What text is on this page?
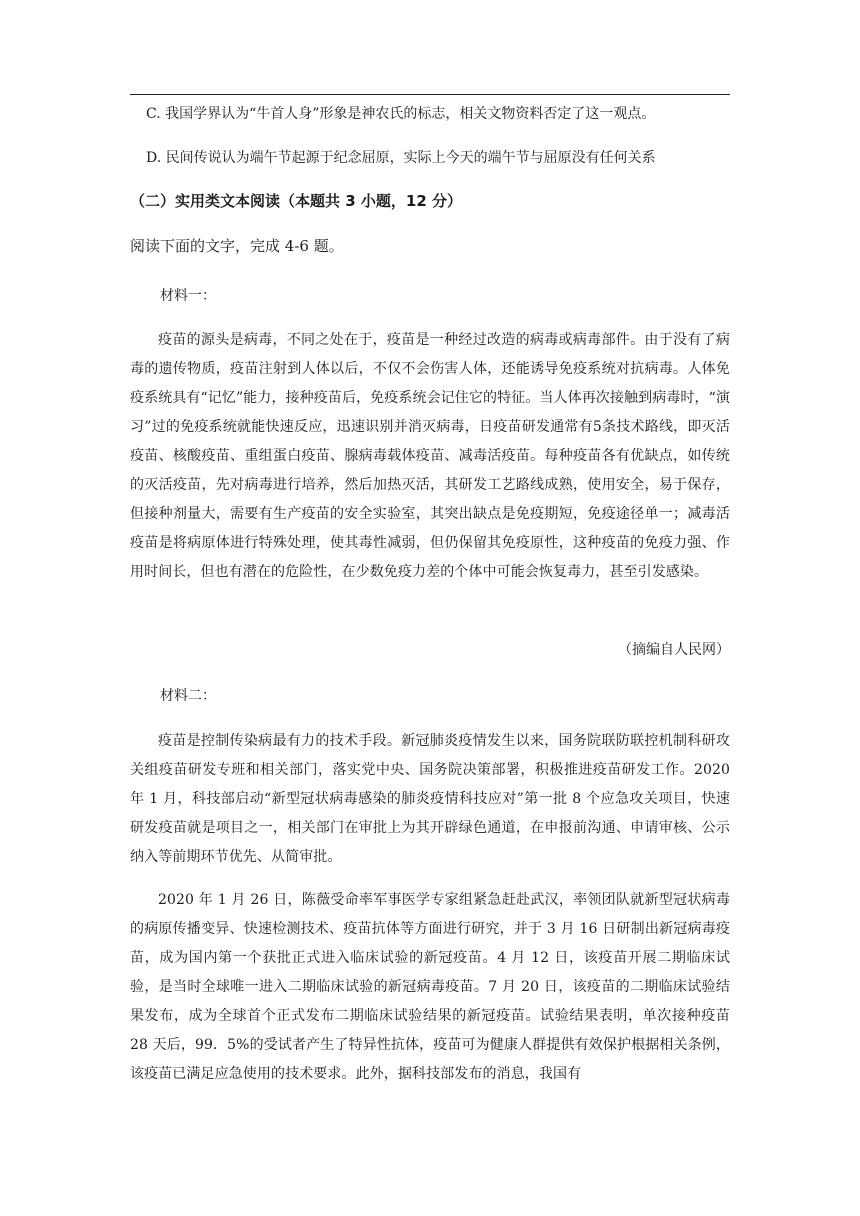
C. 我国学界认为“牛首人身”形象是神农氏的标志，相关文物资料否定了这一观点。
D. 民间传说认为端午节起源于纪念屈原，实际上今天的端午节与屈原没有任何关系
（二）实用类文本阅读（本题共 3 小题，12 分）
阅读下面的文字，完成 4-6 题。
材料一：
疫苗的源头是病毒，不同之处在于，疫苗是一种经过改造的病毒或病毒部件。由于没有了病毒的遗传物质，疫苗注射到人体以后，不仅不会伤害人体，还能诱导免疫系统对抗病毒。人体免疫系统具有“记忆”能力，接种疫苗后，免疫系统会记住它的特征。当人体再次接触到病毒时，“演习”过的免疫系统就能快速反应，迅速识别并消灭病毒，日疫苗研发通常有5条技术路线，即灭活疫苗、核酸疫苗、重组蛋白疫苗、腺病毒载体疫苗、减毒活疫苗。每种疫苗各有优缺点，如传统的灭活疫苗，先对病毒进行培养，然后加热灭活，其研发工艺路线成熟，使用安全，易于保存，但接种剂量大，需要有生产疫苗的安全实验室，其突出缺点是免疫期短，免疫途径单一；减毒活疫苗是将病原体进行特殊处理，使其毒性减弱，但仍保留其免疫原性，这种疫苗的免疫力强、作用时间长，但也有潜在的危险性，在少数免疫力差的个体中可能会恢复毒力，甚至引发感染。
（摘编自人民网）
材料二：
疫苗是控制传染病最有力的技术手段。新冠肺炎疫情发生以来，国务院联防联控机制科研攻关组疫苗研发专班和相关部门，落实党中央、国务院决策部署，积极推进疫苗研发工作。2020 年 1 月，科技部启动“新型冠状病毒感染的肺炎疫情科技应对”第一批 8 个应急攻关项目，快速研发疫苗就是项目之一，相关部门在审批上为其开辟绿色通道，在申报前沟通、申请审核、公示纳入等前期环节优先、从简审批。
2020 年 1 月 26 日，陈薇受命率军事医学专家组紧急赶赴武汉，率领团队就新型冠状病毒的病原传播变异、快速检测技术、疫苗抗体等方面进行研究，并于 3 月 16 日研制出新冠病毒疫苗，成为国内第一个获批正式进入临床试验的新冠疫苗。4 月 12 日，该疫苗开展二期临床试验，是当时全球唯一进入二期临床试验的新冠病毒疫苗。7 月 20 日，该疫苗的二期临床试验结果发布，成为全球首个正式发布二期临床试验结果的新冠疫苗。试验结果表明，单次接种疫苗 28 天后，99．5%的受试者产生了特异性抗体，疫苗可为健康人群提供有效保护根据相关条例，该疫苗已满足应急使用的技术要求。此外，据科技部发布的消息，我国有
